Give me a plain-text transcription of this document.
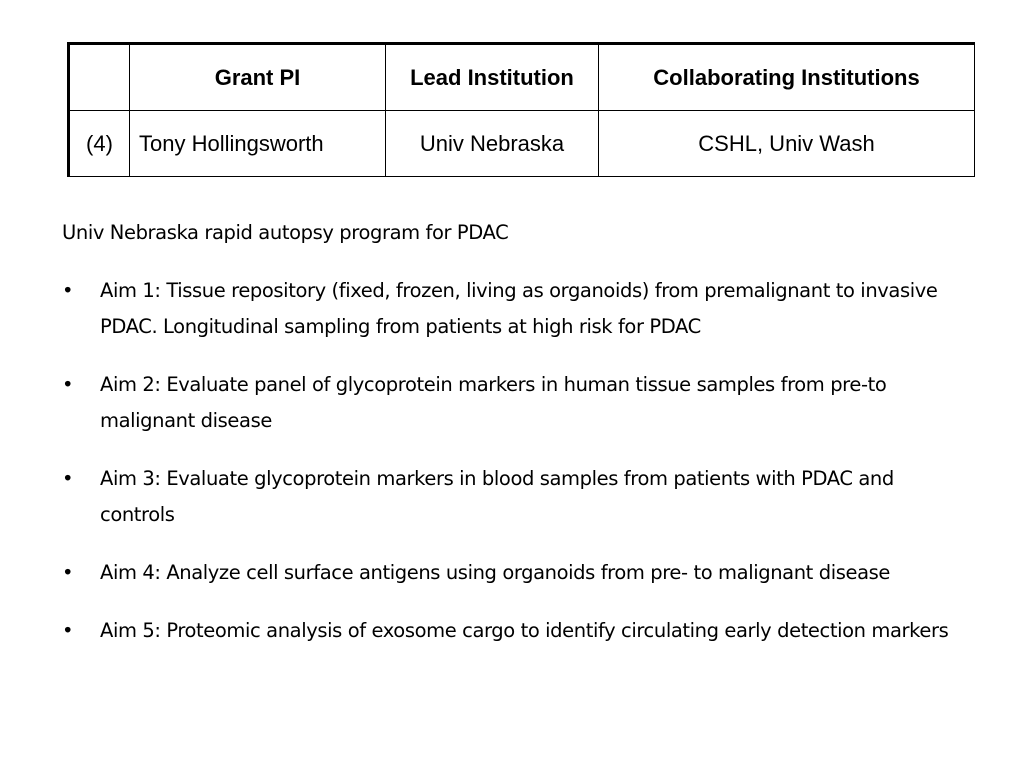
	Grant PI	Lead Institution	Collaborating Institutions
(4)	Tony Hollingsworth	Univ Nebraska	CSHL, Univ Wash

Univ Nebraska rapid autopsy program for PDAC

• Aim 1: Tissue repository (fixed, frozen, living as organoids) from premalignant to invasive PDAC. Longitudinal sampling from patients at high risk for PDAC
• Aim 2: Evaluate panel of glycoprotein markers in human tissue samples from pre-to malignant disease
• Aim 3: Evaluate glycoprotein markers in blood samples from patients with PDAC and controls
• Aim 4: Analyze cell surface antigens using organoids from pre- to malignant disease
• Aim 5: Proteomic analysis of exosome cargo to identify circulating early detection markers
